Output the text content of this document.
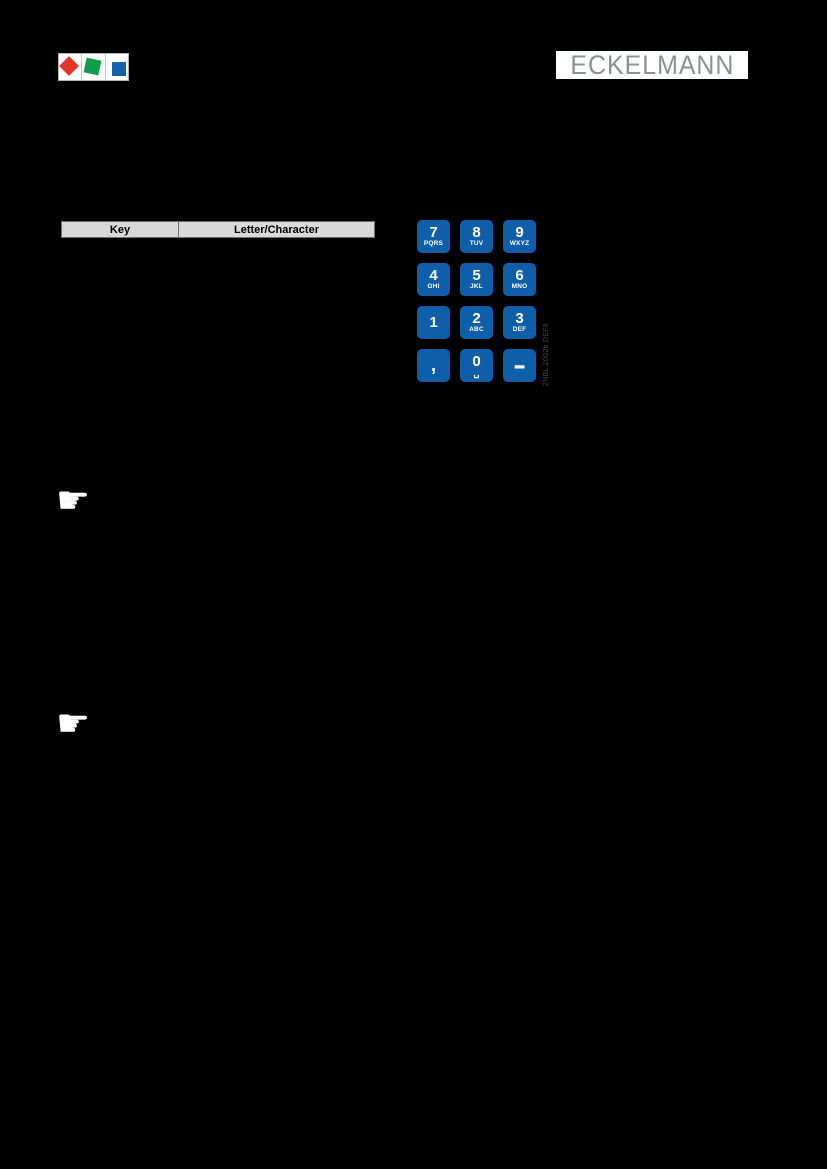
ECKELMANN
Key	Letter/Character	7
PQRS
8
TUV
9
WXYZ
4
GHI
5
JKL
6
MNO
1 2
ABC
3
DEF
, 0
␣ –	2NBL 2002b DEF9
☛
☛
